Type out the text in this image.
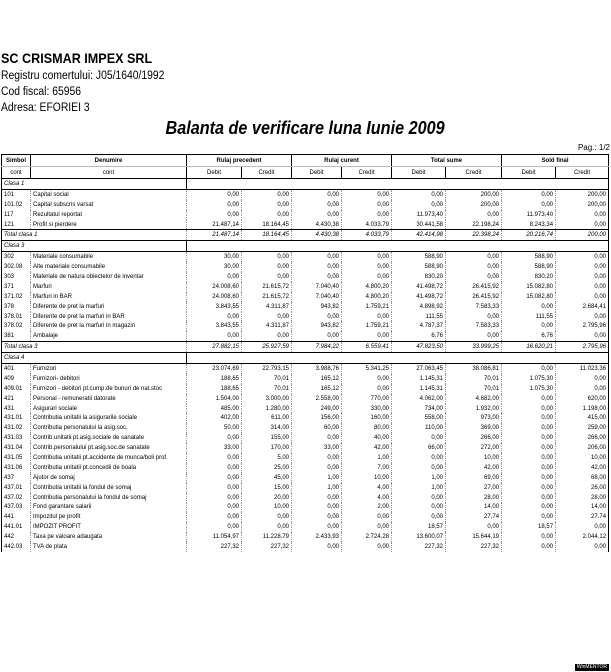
SC CRISMAR IMPEX SRL
Registru comertului: J05/1640/1992
Cod fiscal: 65956
Adresa: EFORIEI 3
Balanta de verificare luna Iunie 2009
Pag.: 1/2
Simbol	Denumire	Rulaj precedent		Rulaj curent		Total sume		Sold final	
cont	cont	Debit	Credit	Debit	Credit	Debit	Credit	Debit	Credit
Clasa 1									
101	Capital social	0,00	0,00	0,00	0,00	0,00	200,00	0,00	200,00
101.02	Capital subscris varsat	0,00	0,00	0,00	0,00	0,00	200,00	0,00	200,00
117	Rezultatul reportat	0,00	0,00	0,00	0,00	11.973,40	0,00	11.973,40	0,00
121	Profit si pierdere	21.487,14	18.164,45	4.430,38	4.033,79	30.441,58	22.198,24	8.243,34	0,00
Total clasa 1		21.487,14	18.164,45	4.430,38	4.033,79	42.414,98	22.398,24	20.216,74	200,00
Clasa 3									
302	Materiale consumabile	30,00	0,00	0,00	0,00	588,90	0,00	588,90	0,00
302.08	Alte materiale consumabile	30,00	0,00	0,00	0,00	588,90	0,00	588,90	0,00
303	Materiale de natura obiectelor de inventar	0,00	0,00	0,00	0,00	830,20	0,00	830,20	0,00
371	Marfuri	24.008,60	21.615,72	7.040,40	4.800,20	41.498,72	26.415,92	15.082,80	0,00
371.02	Marfuri in BAR	24.008,60	21.615,72	7.040,40	4.800,20	41.498,72	26.415,92	15.082,80	0,00
378	Diferente de pret la marfuri	3.843,55	4.311,87	943,82	1.759,21	4.898,92	7.583,33	0,00	2.684,41
378.01	Diferente de pret la marfuri in BAR	0,00	0,00	0,00	0,00	111,55	0,00	111,55	0,00
378.02	Diferente de pret la marfuri in magazin	3.843,55	4.311,87	943,82	1.759,21	4.787,37	7.583,33	0,00	2.795,96
381	Ambalaje	0,00	0,00	0,00	0,00	6,76	0,00	6,76	0,00
Total clasa 3		27.882,15	25.927,59	7.984,22	6.559,41	47.823,50	33.999,25	16.620,21	2.795,96
Clasa 4									
401	Furnizori	23.074,69	22.793,15	3.988,76	5.341,25	27.063,45	38.086,81	0,00	11.023,36
409	Furnizori- debitori	188,65	70,01	165,12	0,00	1.145,31	70,01	1.075,30	0,00
409.01	Furnizori - debitori pt.cump.de bunuri de nat.stoc	188,65	70,01	165,12	0,00	1.145,31	70,01	1.075,30	0,00
421	Personal - remuneratii datorate	1.504,00	3.000,00	2.558,00	770,00	4.062,00	4.682,00	0,00	620,00
431	Asigurari sociale	485,00	1.280,00	249,00	330,00	734,00	1.932,00	0,00	1.198,00
431.01	Contributia unitatii la asigurarile sociale	402,00	611,00	156,00	160,00	558,00	973,00	0,00	415,00
431.02	Contributia personalului la asig.soc.	50,00	314,00	60,00	80,00	110,00	369,00	0,00	259,00
431.03	Contrib.unitatii pt.asig.sociale de sanatate	0,00	155,00	0,00	40,00	0,00	266,00	0,00	266,00
431.04	Contrib.personalului pt.asig.soc.de sanatate	33,00	170,00	33,00	42,00	66,00	272,00	0,00	206,00
431.05	Contributia unitatii pt.accidente de munca/boli prof.	0,00	5,00	0,00	1,00	0,00	10,00	0,00	10,00
431.06	Contributia unitatii pt.concedii de boala	0,00	25,00	0,00	7,00	0,00	42,00	0,00	42,00
437	Ajutor de somaj	0,00	45,00	1,00	10,00	1,00	69,00	0,00	68,00
437.01	Contributia unitatii la fondul de somaj	0,00	15,00	1,00	4,00	1,00	27,00	0,00	26,00
437.02	Contributia personalului la fondul de somaj	0,00	20,00	0,00	4,00	0,00	28,00	0,00	28,00
437.03	Fond garantare salarii	0,00	10,00	0,00	2,00	0,00	14,00	0,00	14,00
441	Impozitul pe profit	0,00	0,00	0,00	0,00	0,00	27,74	0,00	27,74
441.01	IMPOZIT PROFIT	0,00	0,00	0,00	0,00	18,57	0,00	18,57	0,00
442	Taxa pe valoare adaugata	11.054,97	11.228,79	2.433,93	2.724,28	13.600,07	15.644,19	0,00	2.044,12
442.03	TVA de plata	227,32	227,32	0,00	0,00	227,32	227,32	0,00	0,00
WinMENTOR
